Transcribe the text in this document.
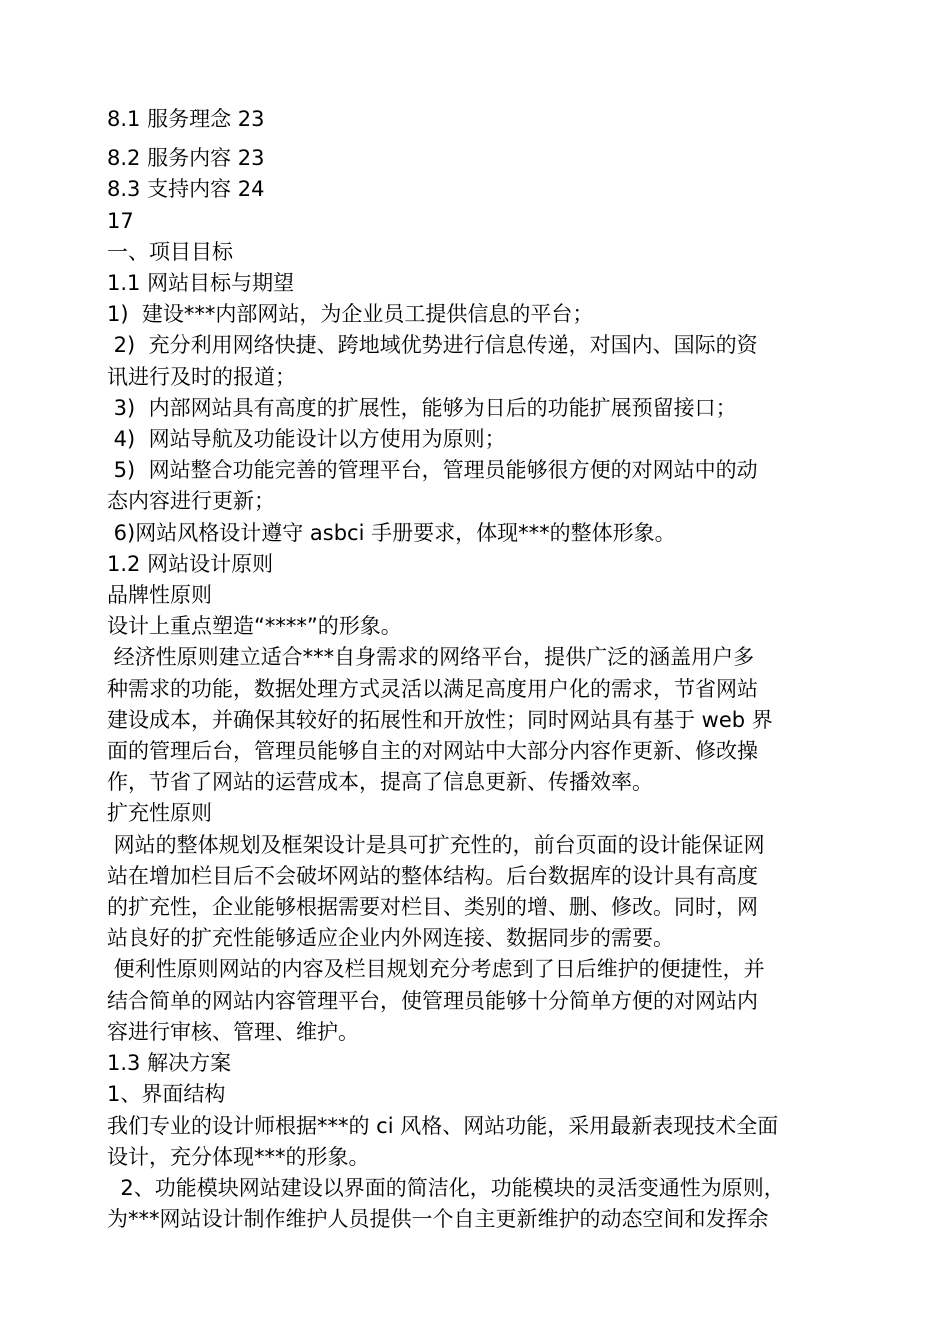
8.1 服务理念 23
8.2 服务内容 23
8.3 支持内容 24
17
一、项目目标
1.1 网站目标与期望
1)  建设***内部网站，为企业员工提供信息的平台；
2)  充分利用网络快捷、跨地域优势进行信息传递，对国内、国际的资
讯进行及时的报道；
3)  内部网站具有高度的扩展性，能够为日后的功能扩展预留接口；
4)  网站导航及功能设计以方使用为原则；
5)  网站整合功能完善的管理平台，管理员能够很方便的对网站中的动
态内容进行更新；
6)网站风格设计遵守 asbci 手册要求，体现***的整体形象。
1.2 网站设计原则
品牌性原则
设计上重点塑造“****”的形象。
经济性原则建立适合***自身需求的网络平台，提供广泛的涵盖用户多
种需求的功能，数据处理方式灵活以满足高度用户化的需求，节省网站
建设成本，并确保其较好的拓展性和开放性；同时网站具有基于 web 界
面的管理后台，管理员能够自主的对网站中大部分内容作更新、修改操
作，节省了网站的运营成本，提高了信息更新、传播效率。
扩充性原则
网站的整体规划及框架设计是具可扩充性的，前台页面的设计能保证网
站在增加栏目后不会破坏网站的整体结构。后台数据库的设计具有高度
的扩充性，企业能够根据需要对栏目、类别的增、删、修改。同时，网
站良好的扩充性能够适应企业内外网连接、数据同步的需要。
便利性原则网站的内容及栏目规划充分考虑到了日后维护的便捷性，并
结合简单的网站内容管理平台，使管理员能够十分简单方便的对网站内
容进行审核、管理、维护。
1.3 解决方案
1、界面结构
我们专业的设计师根据***的 ci 风格、网站功能，采用最新表现技术全面
设计，充分体现***的形象。
2、功能模块网站建设以界面的简洁化，功能模块的灵活变通性为原则，
为***网站设计制作维护人员提供一个自主更新维护的动态空间和发挥余
